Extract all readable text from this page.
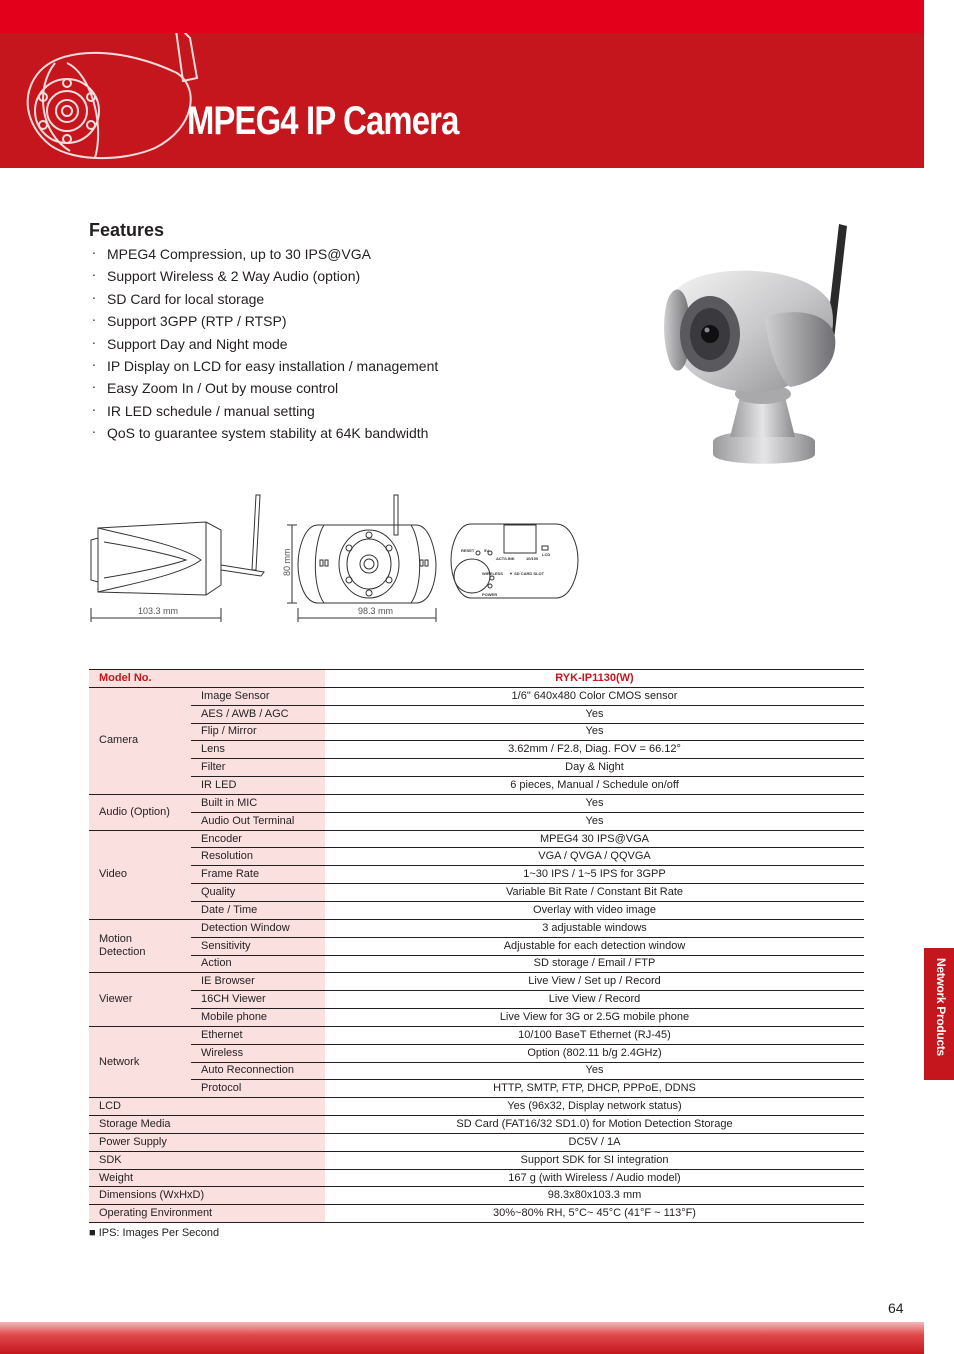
MPEG4 IP Camera
Network Products
Features
‧ MPEG4 Compression, up to 30 IPS@VGA
‧ Support Wireless & 2 Way Audio (option)
‧ SD Card for local storage
‧ Support 3GPP (RTP / RTSP)
‧ Support Day and Night mode
‧ IP Display on LCD for easy installation / management
‧ Easy Zoom In / Out by mouse control
‧ IR LED schedule / manual setting
‧ QoS to guarantee system stability at 64K bandwidth
RESET 5V
LCD
ACT/LINK	10/100
WIRELESS ▼ SD CARD SLOT
POWER
103.3 mm	98.3 mm
80 mm
Model No.		RYK-IP1130(W)
Camera	Image Sensor	1/6" 640x480 Color CMOS sensor
	AES / AWB / AGC	Yes
	Flip / Mirror	Yes
	Lens	3.62mm / F2.8, Diag. FOV = 66.12°
	Filter	Day & Night
	IR LED	6 pieces, Manual / Schedule on/off
Audio (Option)	Built in MIC	Yes
	Audio Out Terminal	Yes
Video	Encoder	MPEG4 30 IPS@VGA
	Resolution	VGA / QVGA / QQVGA
	Frame Rate	1~30 IPS / 1~5 IPS for 3GPP
	Quality	Variable Bit Rate / Constant Bit Rate
	Date / Time	Overlay with video image
Motion Detection	Detection Window	3 adjustable windows
	Sensitivity	Adjustable for each detection window
	Action	SD storage / Email / FTP
Viewer	IE Browser	Live View / Set up / Record
	16CH Viewer	Live View / Record
	Mobile phone	Live View for 3G or 2.5G mobile phone
Network	Ethernet	10/100 BaseT Ethernet (RJ-45)
	Wireless	Option (802.11 b/g 2.4GHz)
	Auto Reconnection	Yes
	Protocol	HTTP, SMTP, FTP, DHCP, PPPoE, DDNS
LCD		Yes (96x32, Display network status)
Storage Media		SD Card (FAT16/32 SD1.0) for Motion Detection Storage
Power Supply		DC5V / 1A
SDK		Support SDK for SI integration
Weight		167 g (with Wireless / Audio model)
Dimensions (WxHxD)		98.3x80x103.3 mm
Operating Environment		30%~80% RH, 5°C~ 45°C (41°F ~ 113°F)
■ IPS: Images Per Second
64
